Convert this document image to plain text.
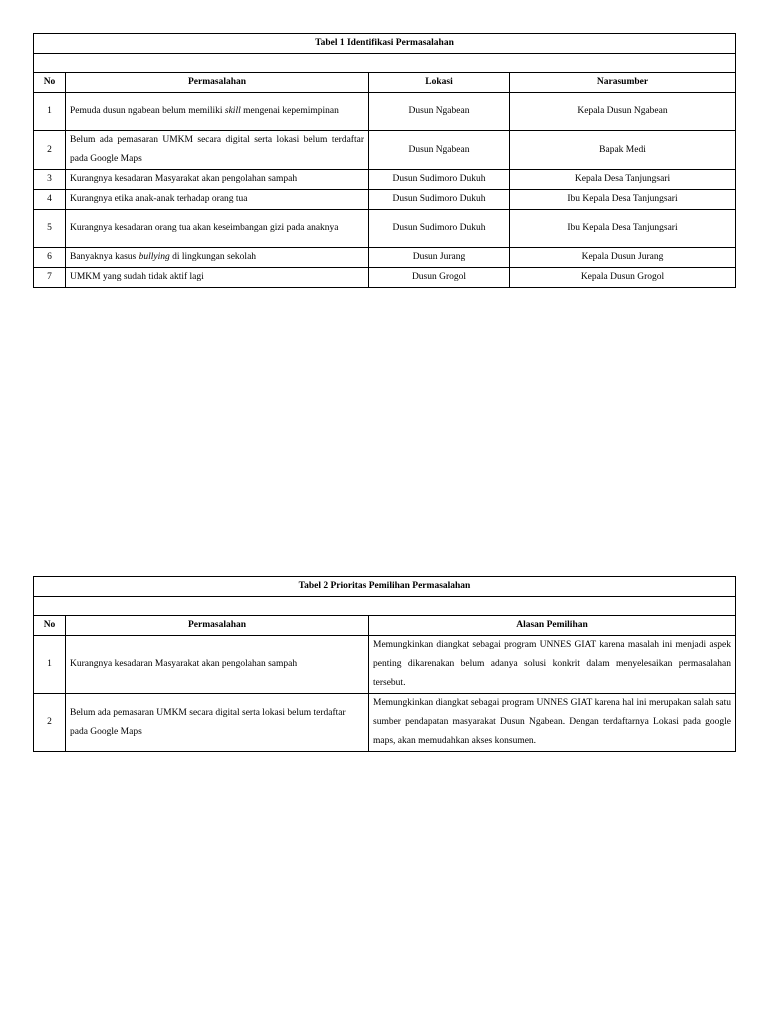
Tabel 1 Identifikasi Permasalahan			

No	Permasalahan	Lokasi	Narasumber
1	Pemuda dusun ngabean belum memiliki skill mengenai kepemimpinan	Dusun Ngabean	Kepala Dusun Ngabean
2	Belum ada pemasaran UMKM secara digital serta lokasi belum terdaftar pada Google Maps	Dusun Ngabean	Bapak Medi
3	Kurangnya kesadaran Masyarakat akan pengolahan sampah	Dusun Sudimoro Dukuh	Kepala Desa Tanjungsari
4	Kurangnya etika anak-anak terhadap orang tua	Dusun Sudimoro Dukuh	Ibu Kepala Desa Tanjungsari
5	Kurangnya kesadaran orang tua akan keseimbangan gizi pada anaknya	Dusun Sudimoro Dukuh	Ibu Kepala Desa Tanjungsari
6	Banyaknya kasus bullying di lingkungan sekolah	Dusun Jurang	Kepala Dusun Jurang
7	UMKM yang sudah tidak aktif lagi	Dusun Grogol	Kepala Dusun Grogol
Tabel 2 Prioritas Pemilihan Permasalahan		

No	Permasalahan	Alasan Pemilihan
1	Kurangnya kesadaran Masyarakat akan pengolahan sampah	Memungkinkan diangkat sebagai program UNNES GIAT karena masalah ini menjadi aspek penting dikarenakan belum adanya solusi konkrit dalam menyelesaikan permasalahan tersebut.
2	Belum ada pemasaran UMKM secara digital serta lokasi belum terdaftar pada Google Maps	Memungkinkan diangkat sebagai program UNNES GIAT karena hal ini merupakan salah satu sumber pendapatan masyarakat Dusun Ngabean. Dengan terdaftarnya Lokasi pada google maps, akan memudahkan akses konsumen.
